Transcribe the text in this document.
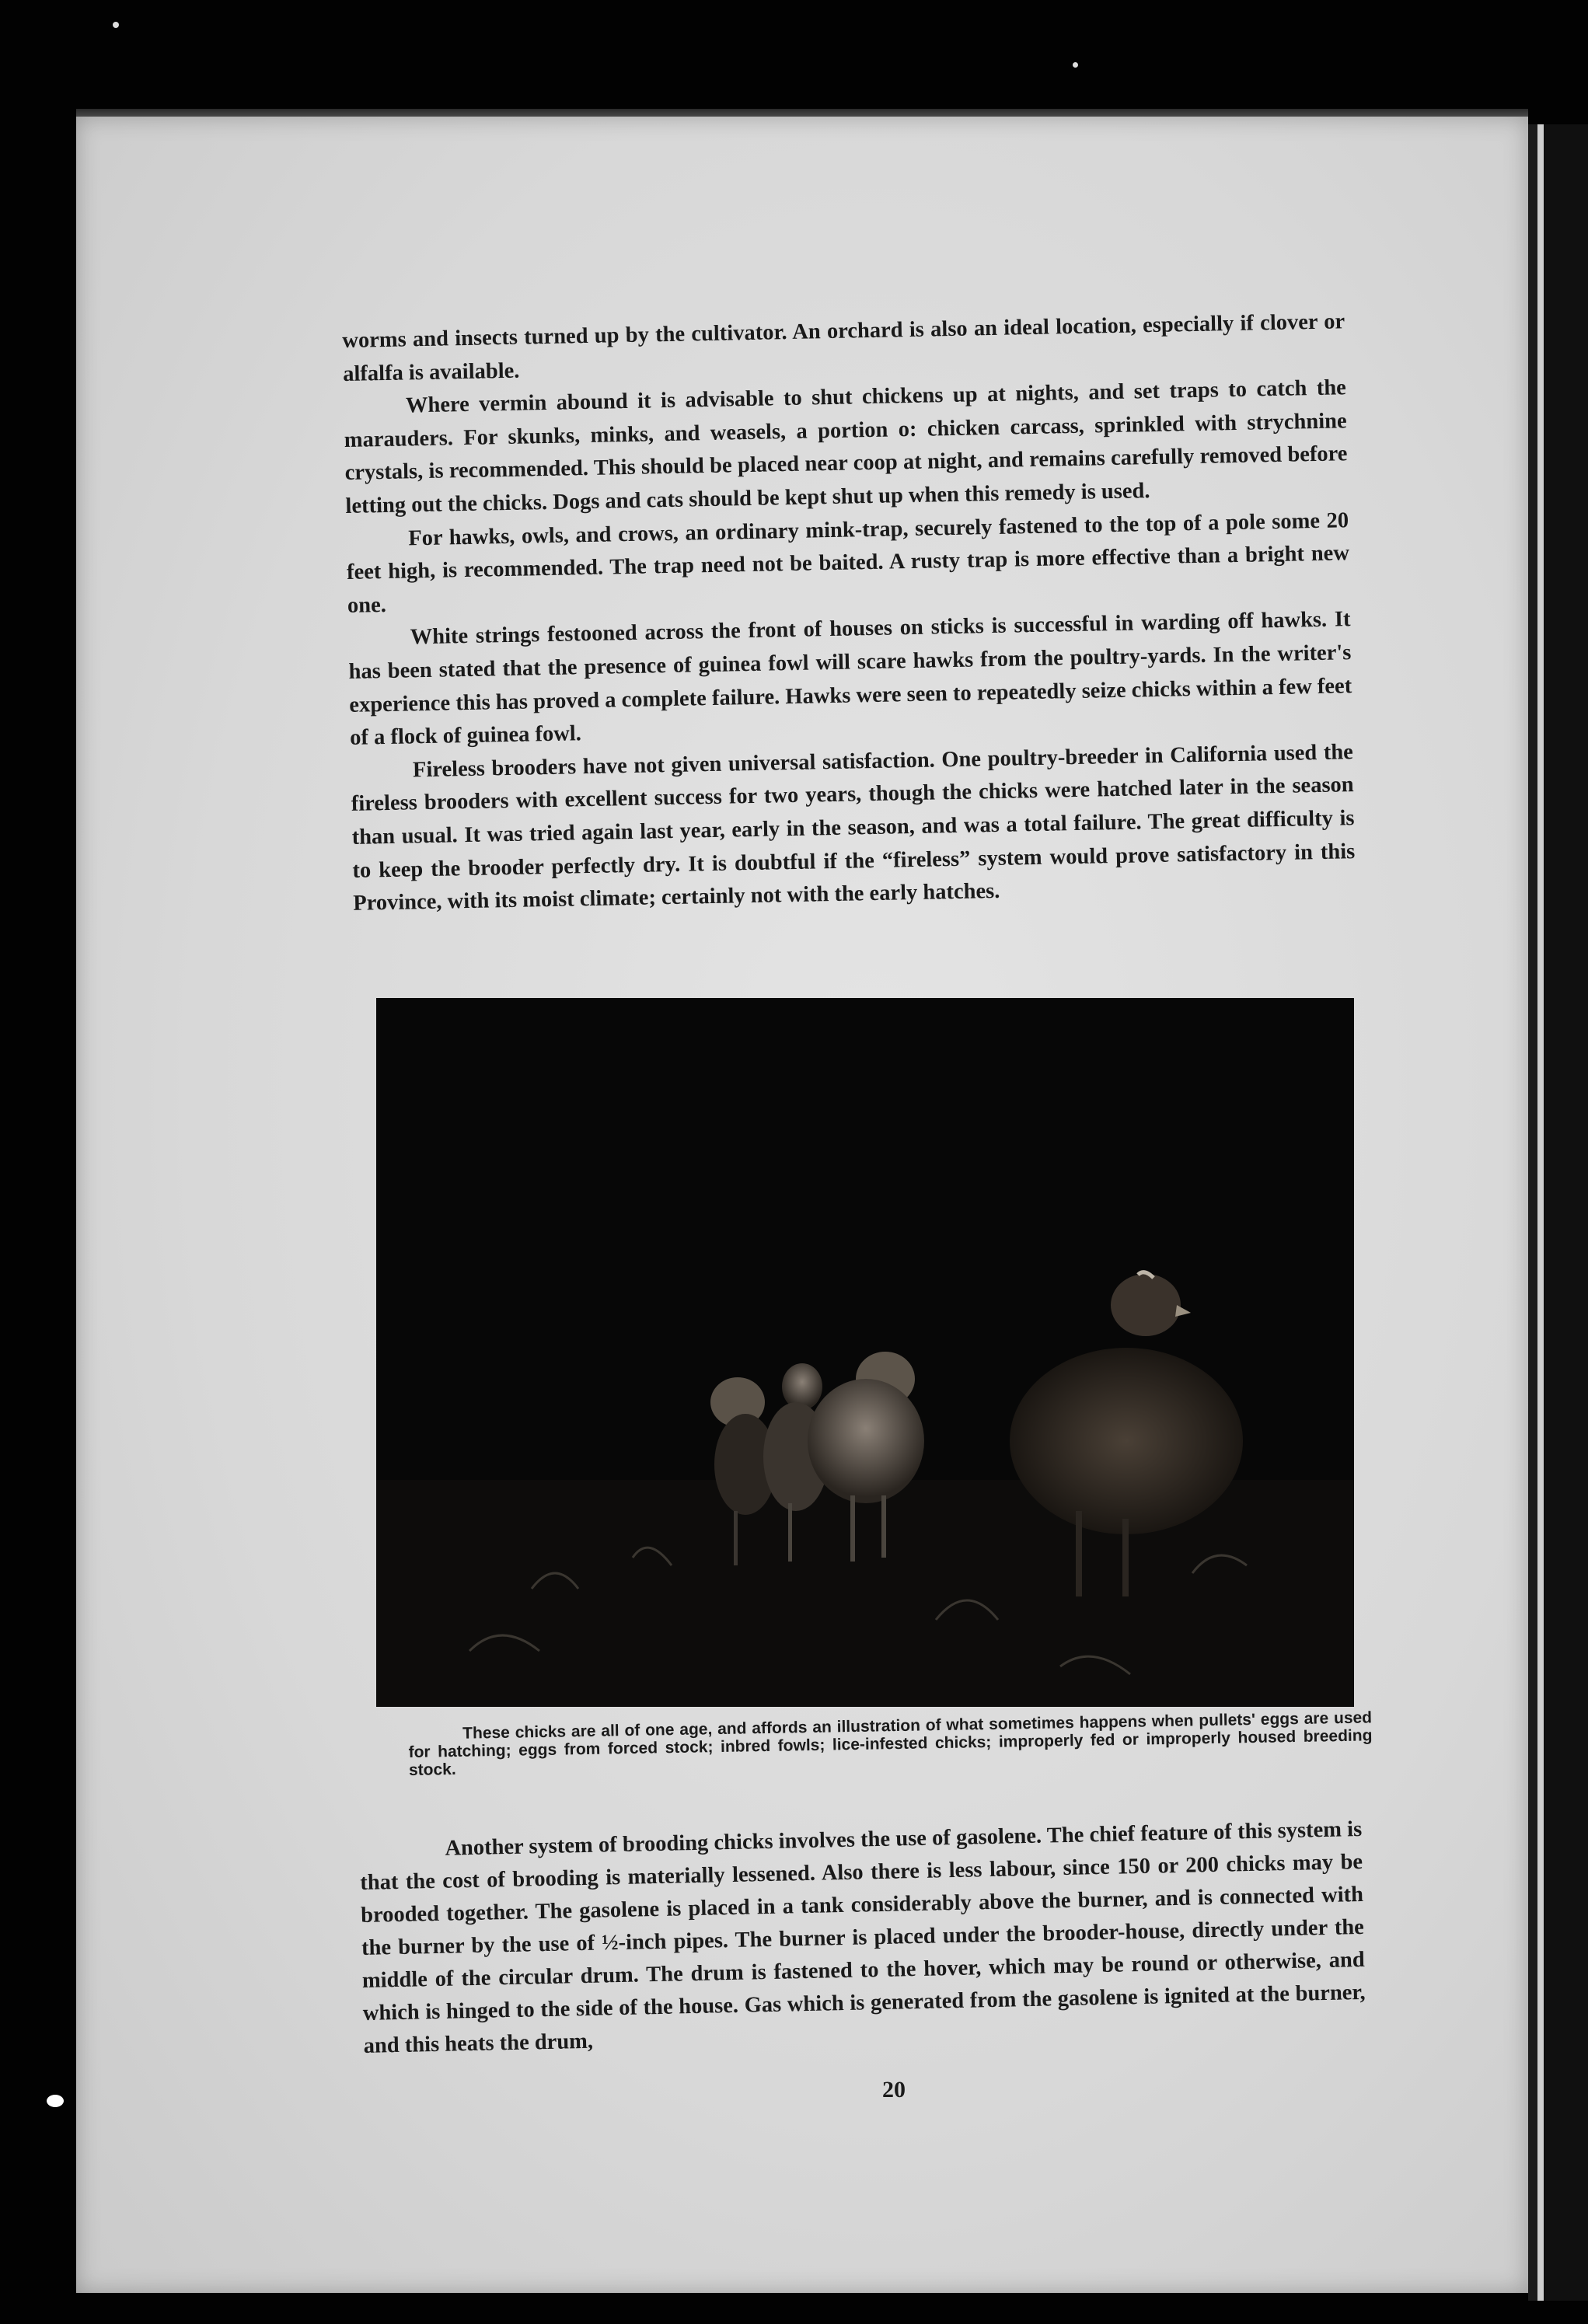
worms and insects turned up by the cultivator. An orchard is also an ideal location, especially if clover or alfalfa is available.

Where vermin abound it is advisable to shut chickens up at nights, and set traps to catch the marauders. For skunks, minks, and weasels, a portion o: chicken carcass, sprinkled with strychnine crystals, is recommended. This should be placed near coop at night, and remains carefully removed before letting out the chicks. Dogs and cats should be kept shut up when this remedy is used.

For hawks, owls, and crows, an ordinary mink-trap, securely fastened to the top of a pole some 20 feet high, is recommended. The trap need not be baited. A rusty trap is more effective than a bright new one.

White strings festooned across the front of houses on sticks is successful in warding off hawks. It has been stated that the presence of guinea fowl will scare hawks from the poultry-yards. In the writer's experience this has proved a complete failure. Hawks were seen to repeatedly seize chicks within a few feet of a flock of guinea fowl.

Fireless brooders have not given universal satisfaction. One poultry-breeder in California used the fireless brooders with excellent success for two years, though the chicks were hatched later in the season than usual. It was tried again last year, early in the season, and was a total failure. The great difficulty is to keep the brooder perfectly dry. It is doubtful if the “fireless” system would prove satisfactory in this Province, with its moist climate; certainly not with the early hatches.

These chicks are all of one age, and affords an illustration of what sometimes happens when pullets' eggs are used for hatching; eggs from forced stock; inbred fowls; lice-infested chicks; improperly fed or improperly housed breeding stock.
Another system of brooding chicks involves the use of gasolene. The chief feature of this system is that the cost of brooding is materially lessened. Also there is less labour, since 150 or 200 chicks may be brooded together. The gasolene is placed in a tank considerably above the burner, and is connected with the burner by the use of ½-inch pipes. The burner is placed under the brooder-house, directly under the middle of the circular drum. The drum is fastened to the hover, which may be round or otherwise, and which is hinged to the side of the house. Gas which is generated from the gasolene is ignited at the burner, and this heats the drum,
20
